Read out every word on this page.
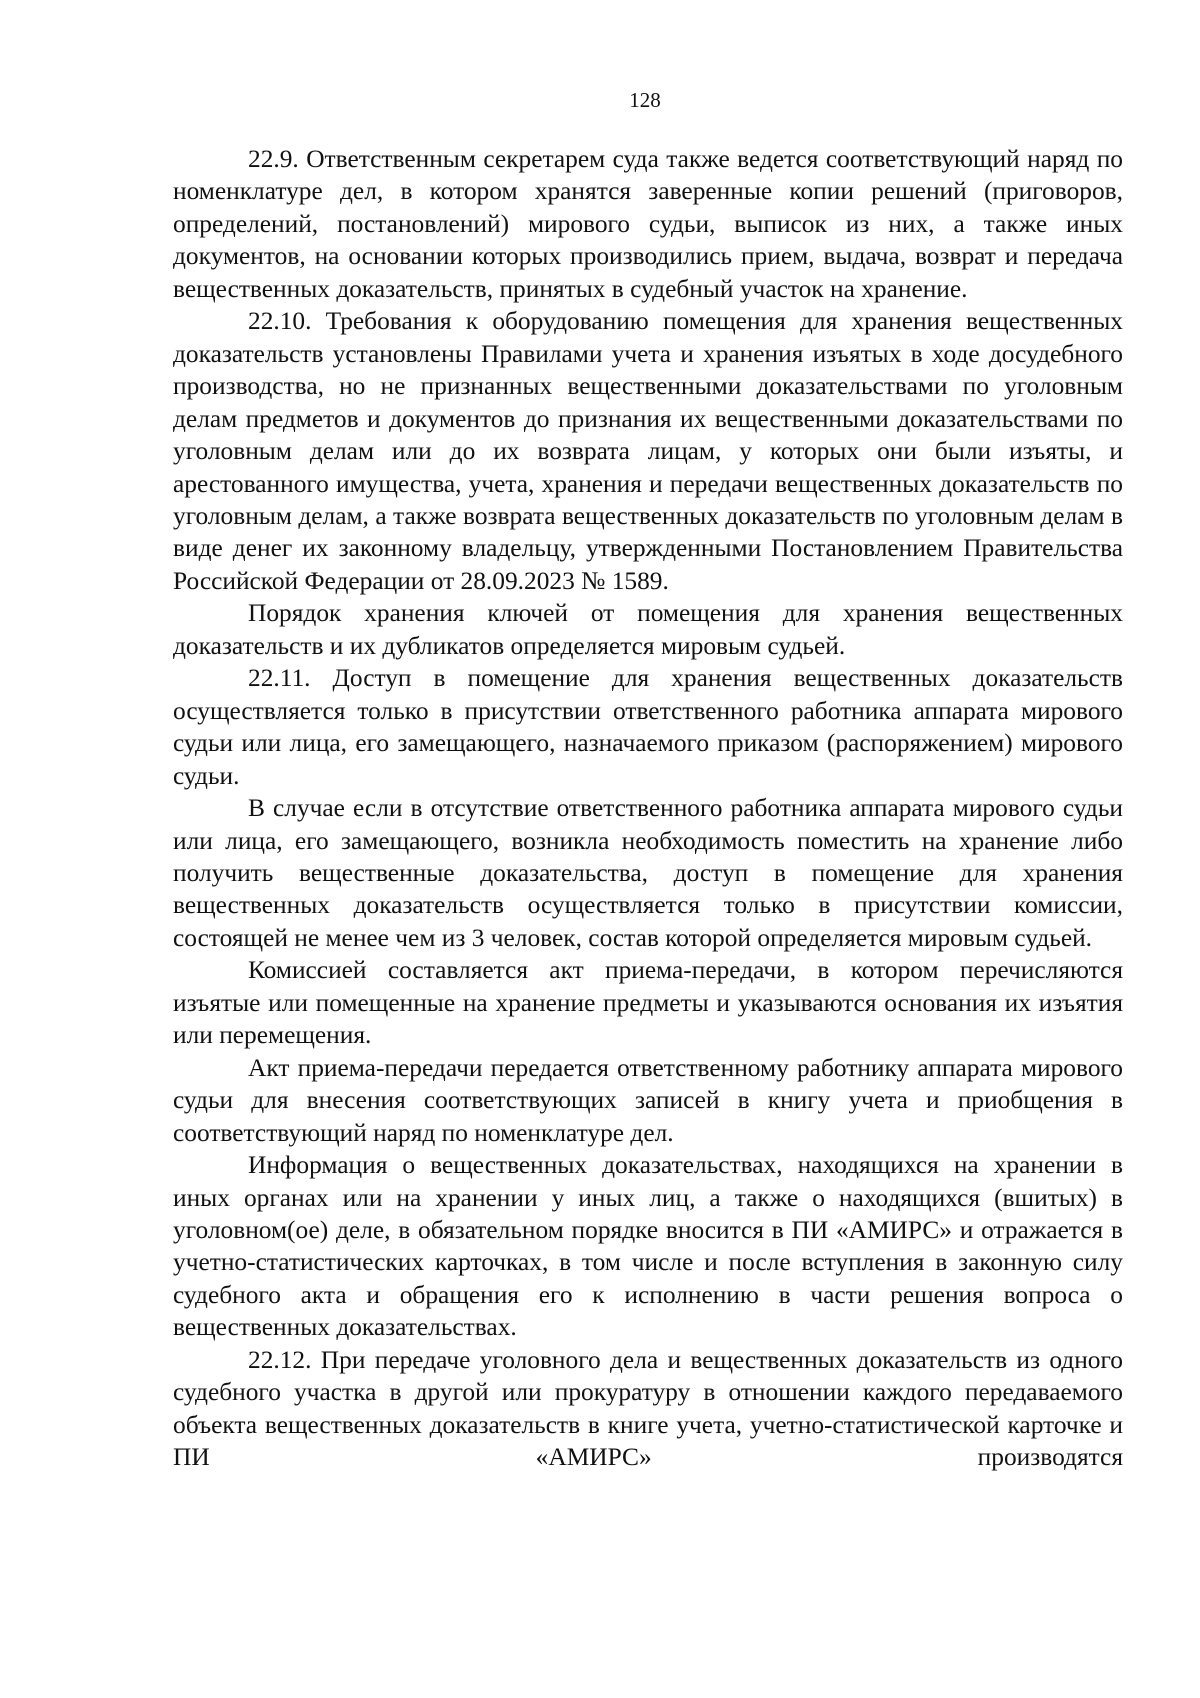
128

22.9. Ответственным секретарем суда также ведется соответствующий наряд по номенклатуре дел, в котором хранятся заверенные копии решений (приговоров, определений, постановлений) мирового судьи, выписок из них, а также иных документов, на основании которых производились прием, выдача, возврат и передача вещественных доказательств, принятых в судебный участок на хранение.

22.10. Требования к оборудованию помещения для хранения вещественных доказательств установлены Правилами учета и хранения изъятых в ходе досудебного производства, но не признанных вещественными доказательствами по уголовным делам предметов и документов до признания их вещественными доказательствами по уголовным делам или до их возврата лицам, у которых они были изъяты, и арестованного имущества, учета, хранения и передачи вещественных доказательств по уголовным делам, а также возврата вещественных доказательств по уголовным делам в виде денег их законному владельцу, утвержденными Постановлением Правительства Российской Федерации от 28.09.2023 № 1589.

Порядок хранения ключей от помещения для хранения вещественных доказательств и их дубликатов определяется мировым судьей.

22.11. Доступ в помещение для хранения вещественных доказательств осуществляется только в присутствии ответственного работника аппарата мирового судьи или лица, его замещающего, назначаемого приказом (распоряжением) мирового судьи.

В случае если в отсутствие ответственного работника аппарата мирового судьи или лица, его замещающего, возникла необходимость поместить на хранение либо получить вещественные доказательства, доступ в помещение для хранения вещественных доказательств осуществляется только в присутствии комиссии, состоящей не менее чем из 3 человек, состав которой определяется мировым судьей.

Комиссией составляется акт приема-передачи, в котором перечисляются изъятые или помещенные на хранение предметы и указываются основания их изъятия или перемещения.

Акт приема-передачи передается ответственному работнику аппарата мирового судьи для внесения соответствующих записей в книгу учета и приобщения в соответствующий наряд по номенклатуре дел.

Информация о вещественных доказательствах, находящихся на хранении в иных органах или на хранении у иных лиц, а также о находящихся (вшитых) в уголовном(ое) деле, в обязательном порядке вносится в ПИ «АМИРС» и отражается в учетно-статистических карточках, в том числе и после вступления в законную силу судебного акта и обращения его к исполнению в части решения вопроса о вещественных доказательствах.

22.12. При передаче уголовного дела и вещественных доказательств из одного судебного участка в другой или прокуратуру в отношении каждого передаваемого объекта вещественных доказательств в книге учета, учетно-статистической карточке и ПИ «АМИРС» производятся
